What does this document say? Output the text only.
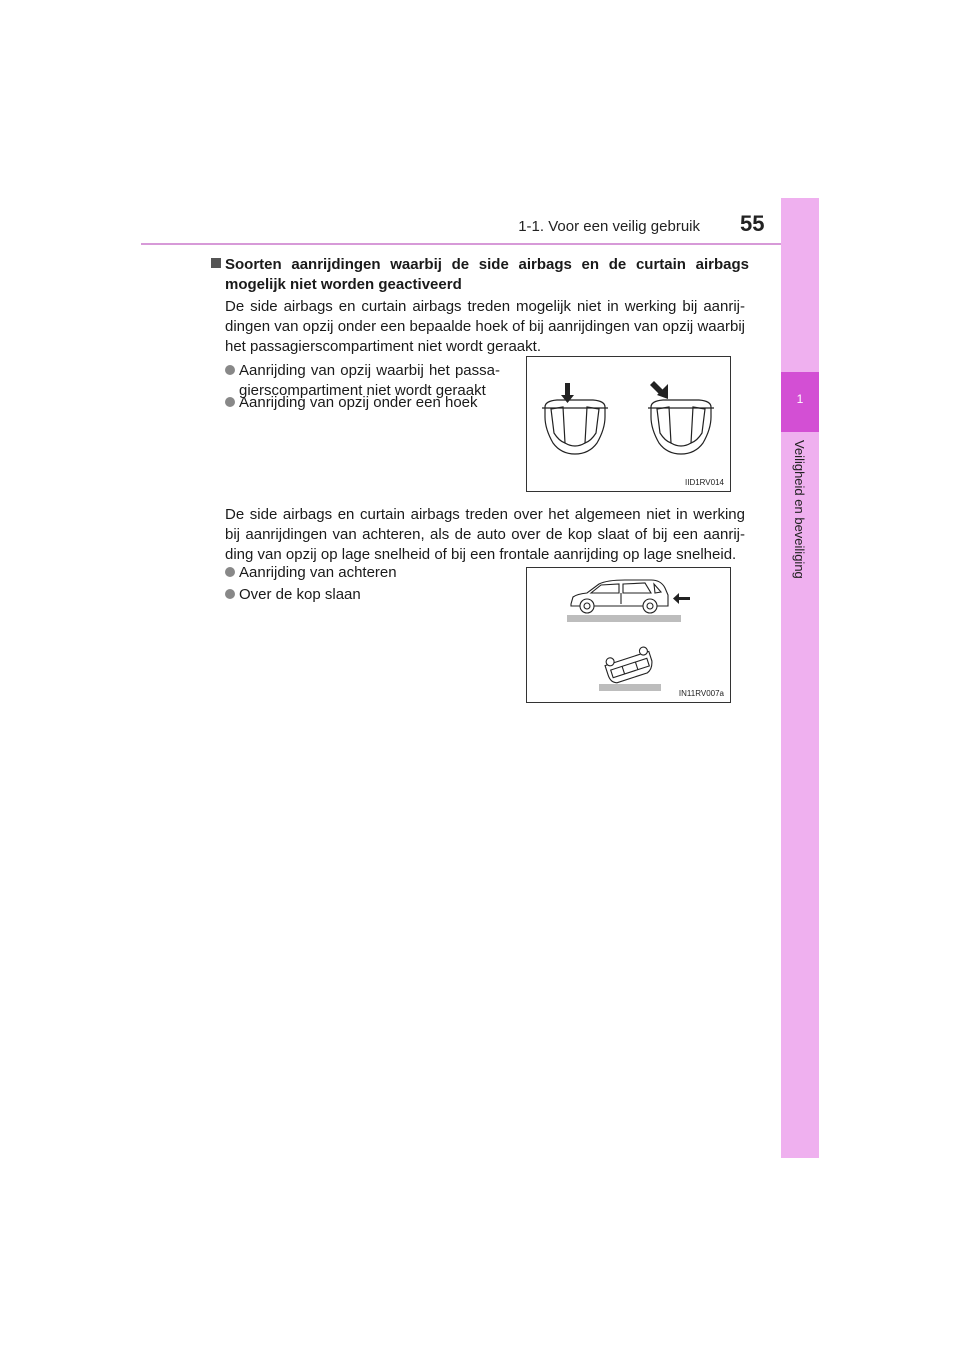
1-1. Voor een veilig gebruik 55
1
Veiligheid en beveiliging
Soorten aanrijdingen waarbij de side airbags en de curtain airbags mogelijk niet worden geactiveerd
De side airbags en curtain airbags treden mogelijk niet in werking bij aanrijdingen van opzij onder een bepaalde hoek of bij aanrijdingen van opzij waarbij het passagierscompartiment niet wordt geraakt.
Aanrijding van opzij waarbij het passagierscompartiment niet wordt geraakt
Aanrijding van opzij onder een hoek
IID1RV014
De side airbags en curtain airbags treden over het algemeen niet in werking bij aanrijdingen van achteren, als de auto over de kop slaat of bij een aanrijding van opzij op lage snelheid of bij een frontale aanrijding op lage snelheid.
Aanrijding van achteren
Over de kop slaan
IN11RV007a
